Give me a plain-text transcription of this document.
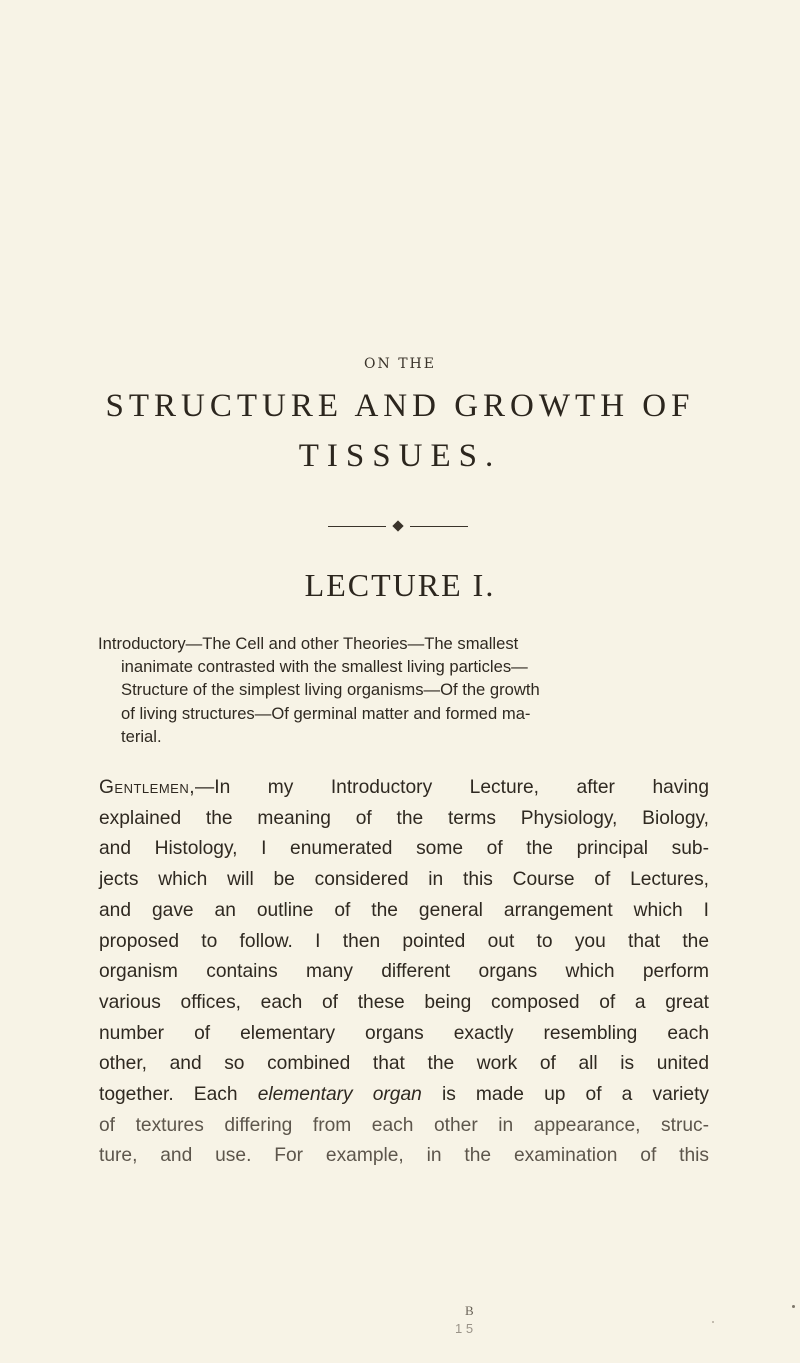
ON THE
STRUCTURE AND GROWTH OF
TISSUES.
LECTURE I.
Introductory—The Cell and other Theories—The smallest
inanimate contrasted with the smallest living particles—
Structure of the simplest living organisms—Of the growth
of living structures—Of germinal matter and formed ma-
terial.
Gentlemen,—In my Introductory Lecture, after having
explained the meaning of the terms Physiology, Biology,
and Histology, I enumerated some of the principal sub-
jects which will be considered in this Course of Lectures,
and gave an outline of the general arrangement which I
proposed to follow. I then pointed out to you that the
organism contains many different organs which perform
various offices, each of these being composed of a great
number of elementary organs exactly resembling each
other, and so combined that the work of all is united
together. Each elementary organ is made up of a variety
of textures differing from each other in appearance, struc-
ture, and use. For example, in the examination of this
B
1 5
